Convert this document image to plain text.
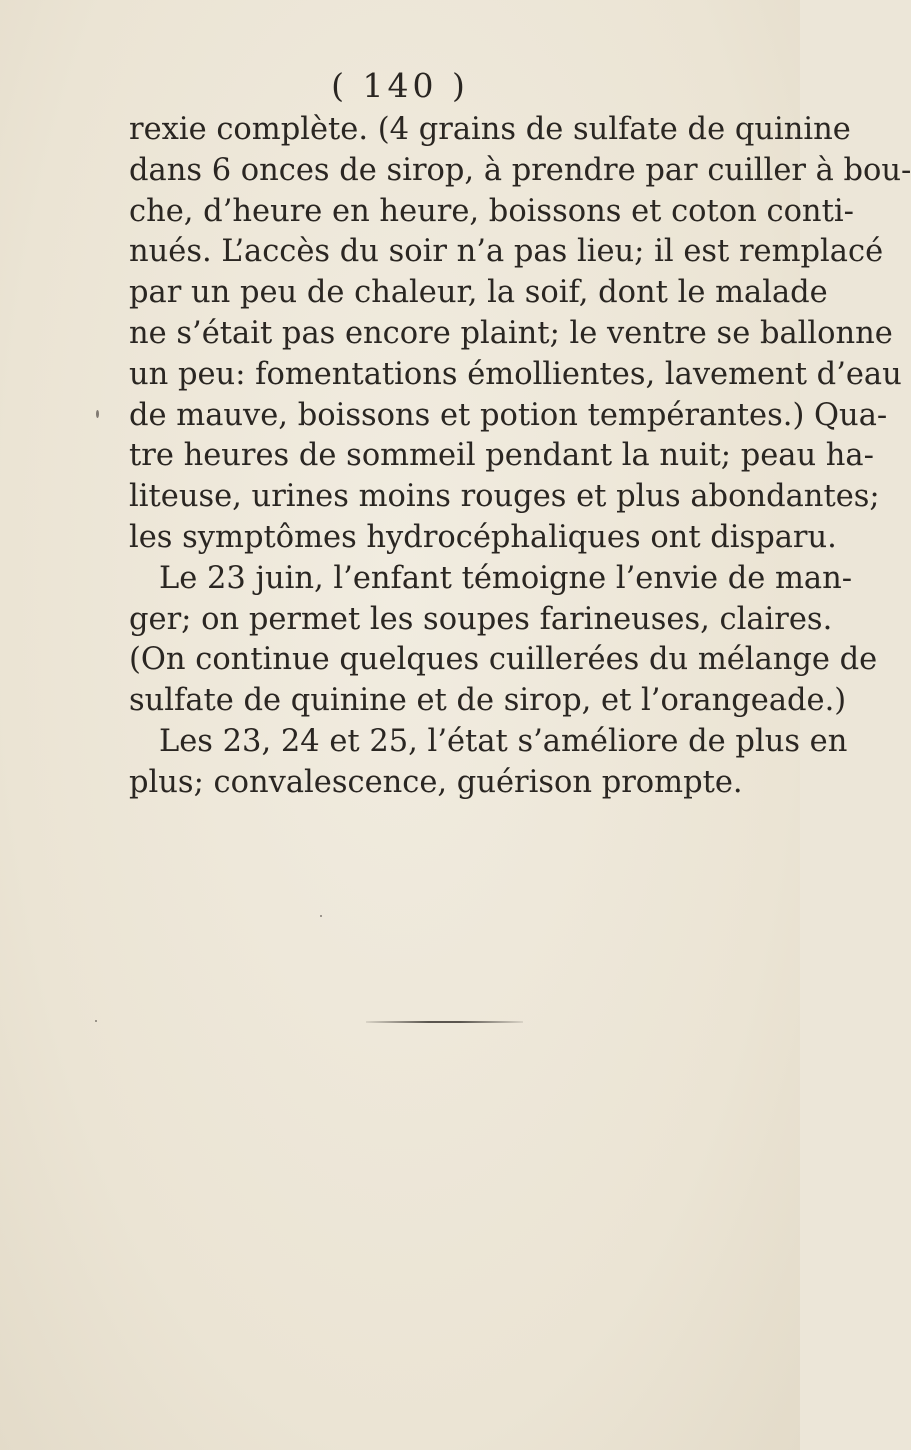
( 140 )
rexie complète. (4 grains de sulfate de quinine
dans 6 onces de sirop, à prendre par cuiller à bou-
che, d’heure en heure, boissons et coton conti-
nués. L’accès du soir n’a pas lieu; il est remplacé
par un peu de chaleur, la soif, dont le malade
ne s’était pas encore plaint; le ventre se ballonne
un peu: fomentations émollientes, lavement d’eau
de mauve, boissons et potion tempérantes.) Qua-
tre heures de sommeil pendant la nuit; peau ha-
liteuse, urines moins rouges et plus abondantes;
les symptômes hydrocéphaliques ont disparu.
Le 23 juin, l’enfant témoigne l’envie de man-
ger; on permet les soupes farineuses, claires.
(On continue quelques cuillerées du mélange de
sulfate de quinine et de sirop, et l’orangeade.)
Les 23, 24 et 25, l’état s’améliore de plus en
plus; convalescence, guérison prompte.
